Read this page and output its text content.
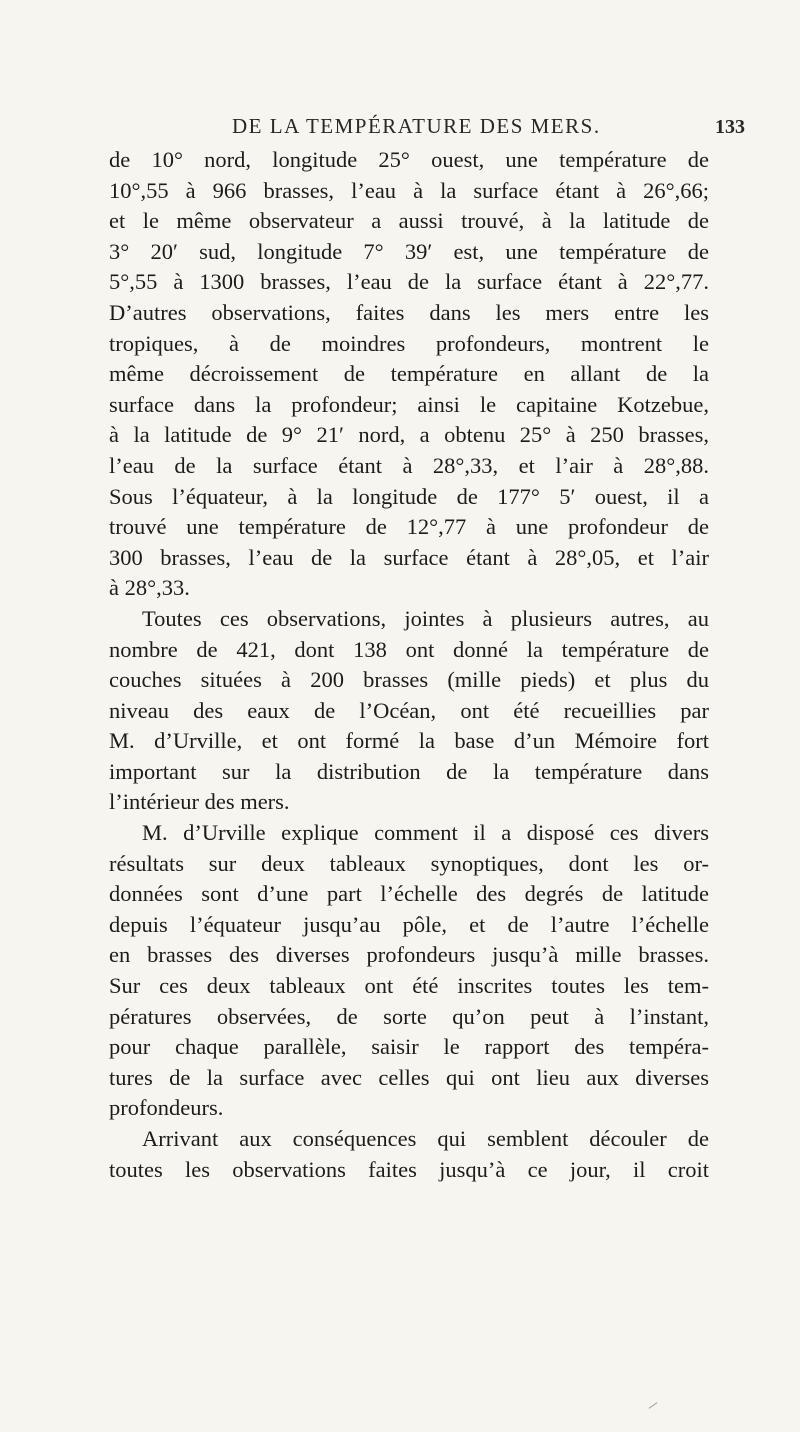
DE LA TEMPÉRATURE DES MERS.	133
de 10° nord, longitude 25° ouest, une température de
10°,55 à 966 brasses, l’eau à la surface étant à 26°,66;
et le même observateur a aussi trouvé, à la latitude de
3° 20′ sud, longitude 7° 39′ est, une température de
5°,55 à 1300 brasses, l’eau de la surface étant à 22°,77.
D’autres observations, faites dans les mers entre les
tropiques, à de moindres profondeurs, montrent le
même décroissement de température en allant de la
surface dans la profondeur; ainsi le capitaine Kotzebue,
à la latitude de 9° 21′ nord, a obtenu 25° à 250 brasses,
l’eau de la surface étant à 28°,33, et l’air à 28°,88.
Sous l’équateur, à la longitude de 177° 5′ ouest, il a
trouvé une température de 12°,77 à une profondeur de
300 brasses, l’eau de la surface étant à 28°,05, et l’air
à 28°,33.
Toutes ces observations, jointes à plusieurs autres, au
nombre de 421, dont 138 ont donné la température de
couches situées à 200 brasses (mille pieds) et plus du
niveau des eaux de l’Océan, ont été recueillies par
M. d’Urville, et ont formé la base d’un Mémoire fort
important sur la distribution de la température dans
l’intérieur des mers.
M. d’Urville explique comment il a disposé ces divers
résultats sur deux tableaux synoptiques, dont les or-
données sont d’une part l’échelle des degrés de latitude
depuis l’équateur jusqu’au pôle, et de l’autre l’échelle
en brasses des diverses profondeurs jusqu’à mille brasses.
Sur ces deux tableaux ont été inscrites toutes les tem-
pératures observées, de sorte qu’on peut à l’instant,
pour chaque parallèle, saisir le rapport des tempéra-
tures de la surface avec celles qui ont lieu aux diverses
profondeurs.
Arrivant aux conséquences qui semblent découler de
toutes les observations faites jusqu’à ce jour, il croit
